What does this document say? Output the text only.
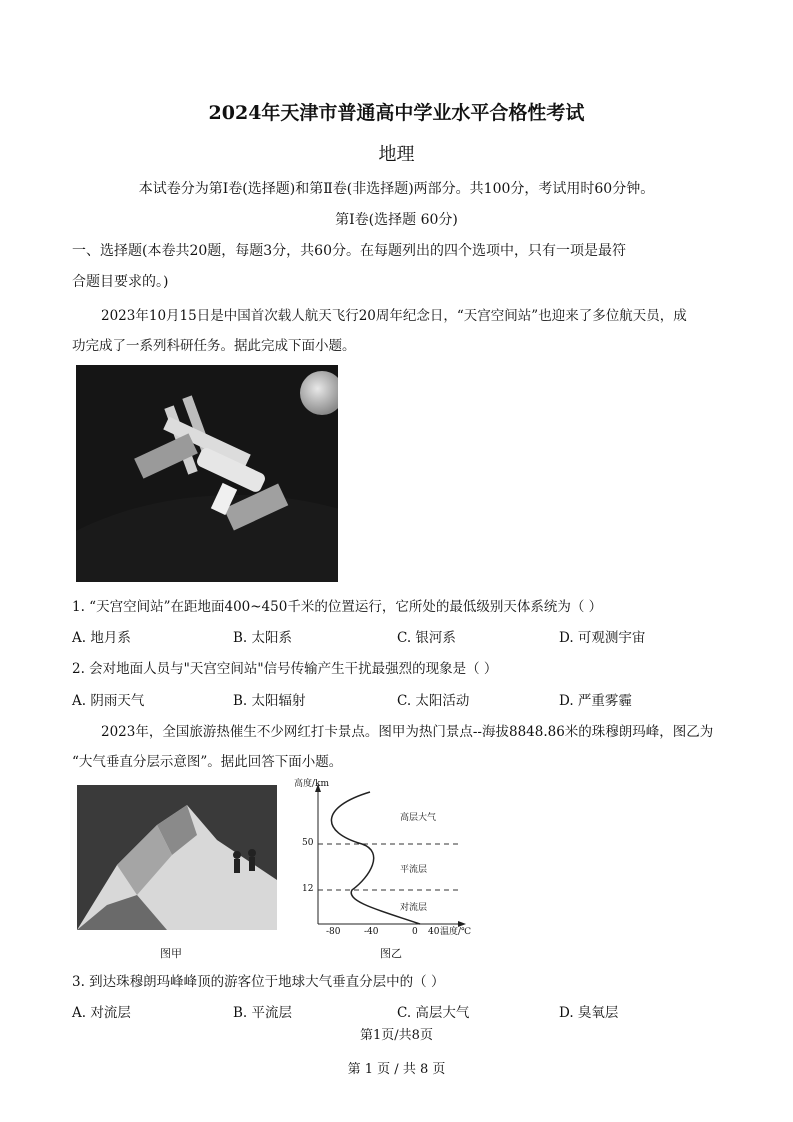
2024年天津市普通高中学业水平合格性考试
地理
本试卷分为第Ⅰ卷(选择题)和第Ⅱ卷(非选择题)两部分。共100分，考试用时60分钟。
第Ⅰ卷(选择题 60分)
一、选择题(本卷共20题，每题3分，共60分。在每题列出的四个选项中，只有一项是最符
合题目要求的。)
2023年10月15日是中国首次载人航天飞行20周年纪念日，“天宫空间站”也迎来了多位航天员，成
功完成了一系列科研任务。据此完成下面小题。
1. “天宫空间站”在距地面400~450千米的位置运行，它所处的最低级别天体系统为（ ）
A. 地月系	B. 太阳系	C. 银河系	D. 可观测宇宙
2. 会对地面人员与"天宫空间站"信号传输产生干扰最强烈的现象是（ ）
A. 阴雨天气	B. 太阳辐射	C. 太阳活动	D. 严重雾霾
2023年，全国旅游热催生不少网红打卡景点。图甲为热门景点--海拔8848.86米的珠穆朗玛峰，图乙为
“大气垂直分层示意图”。据此回答下面小题。
图甲
高度/km
50
12
-80	-40	0 40 温度/℃
高层大气
平流层
对流层
图乙
3. 到达珠穆朗玛峰峰顶的游客位于地球大气垂直分层中的（ ）
A. 对流层	B. 平流层	C. 高层大气	D. 臭氧层
第1页/共8页
第 1 页 / 共 8 页
